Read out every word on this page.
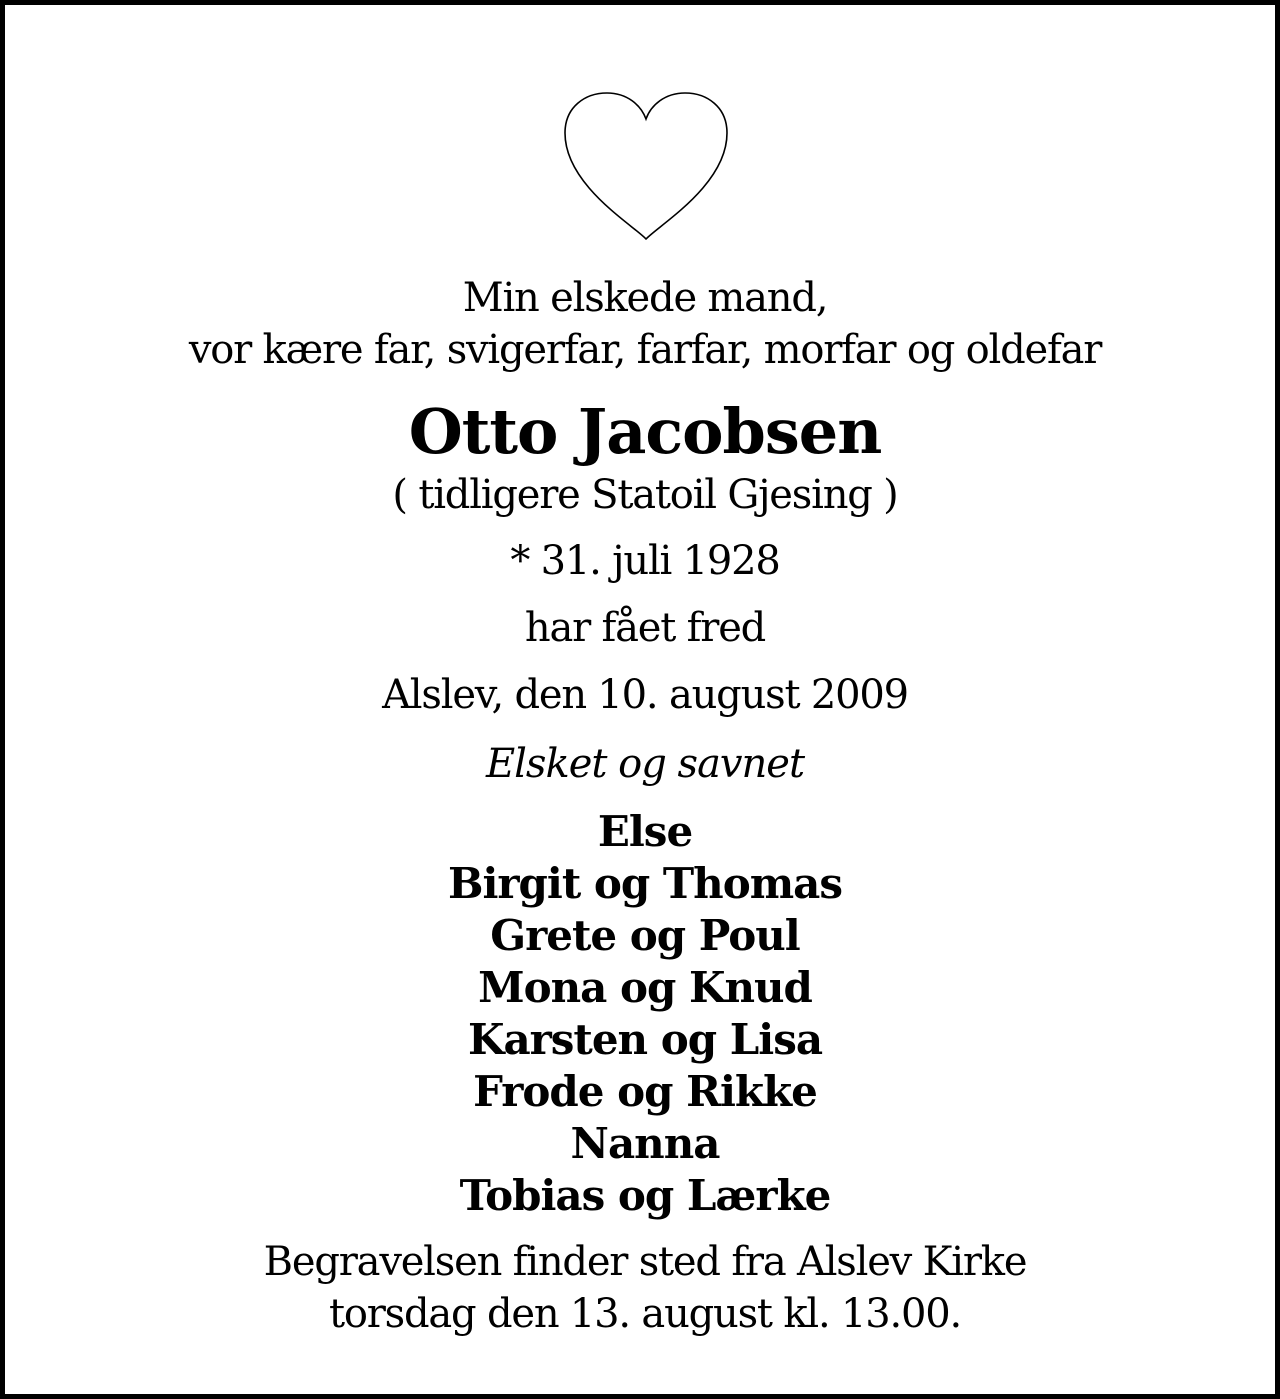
Min elskede mand,
vor kære far, svigerfar, farfar, morfar og oldefar
Otto Jacobsen
( tidligere Statoil Gjesing )
* 31. juli 1928
har fået fred
Alslev, den 10. august 2009
Elsket og savnet
Else
Birgit og Thomas
Grete og Poul
Mona og Knud
Karsten og Lisa
Frode og Rikke
Nanna
Tobias og Lærke
Begravelsen finder sted fra Alslev Kirke
torsdag den 13. august kl. 13.00.
